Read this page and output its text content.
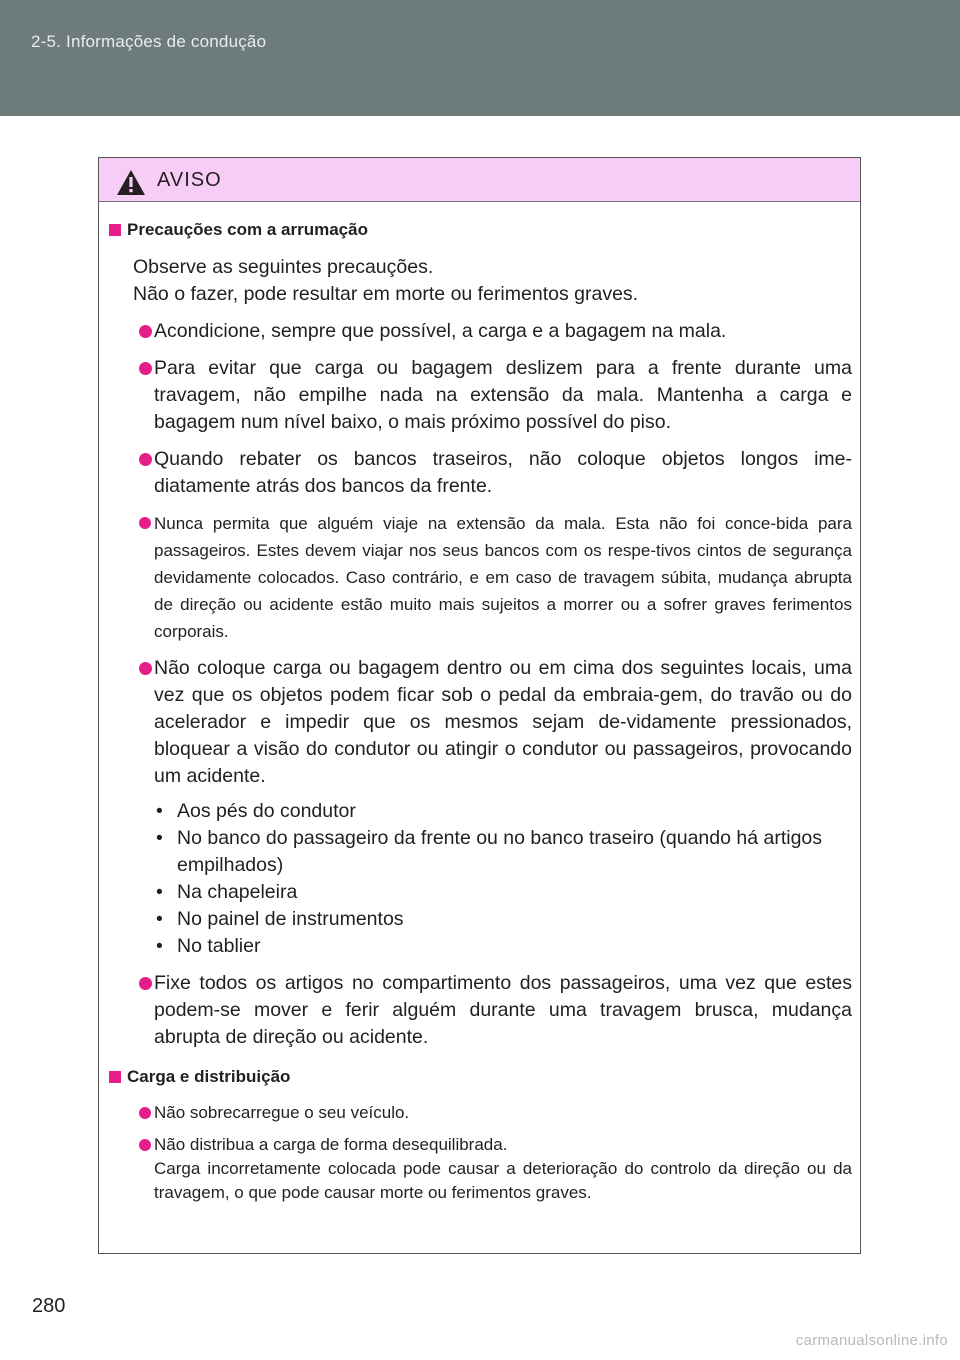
2-5. Informações de condução
AVISO

Precauções com a arrumação

Observe as seguintes precauções.
Não o fazer, pode resultar em morte ou ferimentos graves.
Acondicione, sempre que possível, a carga e a bagagem na mala.
Para evitar que carga ou bagagem deslizem para a frente durante uma travagem, não empilhe nada na extensão da mala. Mantenha a carga e bagagem num nível baixo, o mais próximo possível do piso.
Quando rebater os bancos traseiros, não coloque objetos longos ime-diatamente atrás dos bancos da frente.
Nunca permita que alguém viaje na extensão da mala. Esta não foi conce-bida para passageiros. Estes devem viajar nos seus bancos com os respe-tivos cintos de segurança devidamente colocados. Caso contrário, e em caso de travagem súbita, mudança abrupta de direção ou acidente estão muito mais sujeitos a morrer ou a sofrer graves ferimentos corporais.
Não coloque carga ou bagagem dentro ou em cima dos seguintes locais, uma vez que os objetos podem ficar sob o pedal da embraia-gem, do travão ou do acelerador e impedir que os mesmos sejam de-vidamente pressionados, bloquear a visão do condutor ou atingir o condutor ou passageiros, provocando um acidente.
• Aos pés do condutor
• No banco do passageiro da frente ou no banco traseiro (quando há artigos empilhados)
• Na chapeleira
• No painel de instrumentos
• No tablier
Fixe todos os artigos no compartimento dos passageiros, uma vez que estes podem-se mover e ferir alguém durante uma travagem brusca, mudança abrupta de direção ou acidente.

Carga e distribuição

Não sobrecarregue o seu veículo.
Não distribua a carga de forma desequilibrada.
Carga incorretamente colocada pode causar a deterioração do controlo da direção ou da travagem, o que pode causar morte ou ferimentos graves.
280
carmanualsonline.info
